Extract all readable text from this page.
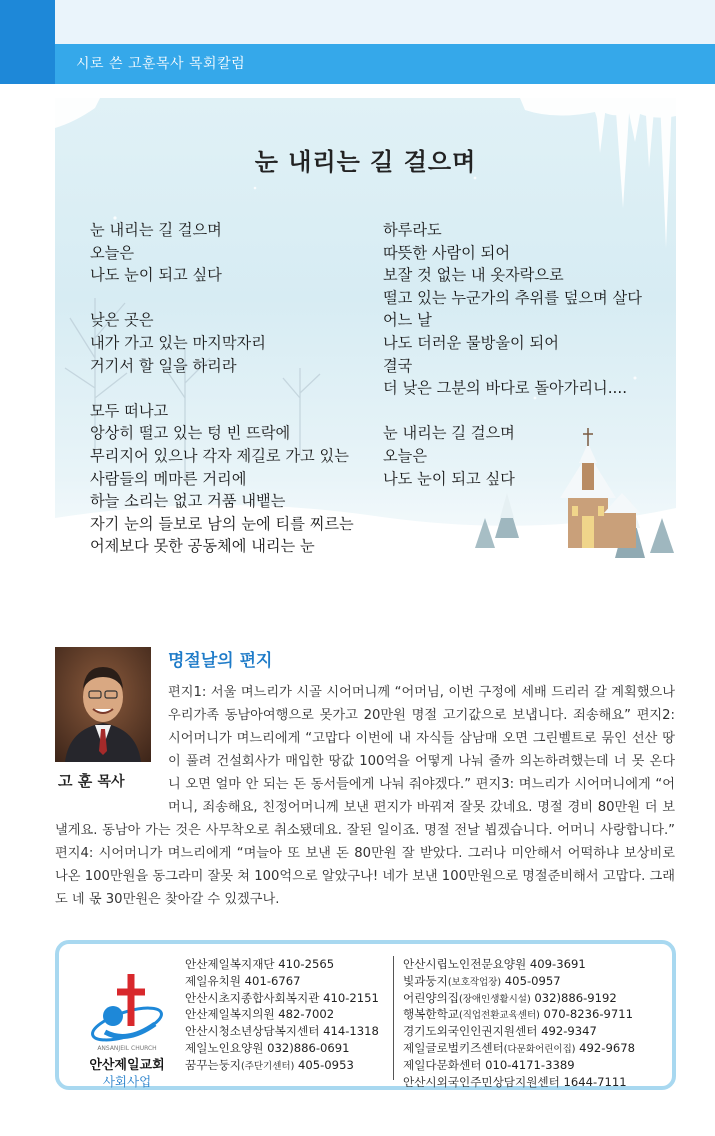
시로 쓴 고훈목사 목회칼럼
눈 내리는 길 걸으며
눈 내리는 길 걸으며
오늘은
나도 눈이 되고 싶다
낮은 곳은
내가 가고 있는 마지막자리
거기서 할 일을 하리라
모두 떠나고
앙상히 떨고 있는 텅 빈 뜨락에
무리지어 있으나 각자 제길로 가고 있는
사람들의 메마른 거리에
하늘 소리는 없고 거품 내뱉는
자기 눈의 들보로 남의 눈에 티를 찌르는
어제보다 못한 공동체에 내리는 눈
하루라도
따뜻한 사람이 되어
보잘 것 없는 내 옷자락으로
떨고 있는 누군가의 추위를 덮으며 살다
어느 날
나도 더러운 물방울이 되어
결국
더 낮은 그분의 바다로 돌아가리니....
눈 내리는 길 걸으며
오늘은
나도 눈이 되고 싶다
고 훈 목사
명절날의 편지
편지1: 서울 며느리가 시골 시어머니께 “어머님, 이번 구정에 세배 드리러 갈 계획했으나 우리가족 동남아여행으로 못가고 20만원 명절 고기값으로 보냅니다. 죄송해요” 편지2: 시어머니가 며느리에게 “고맙다 이번에 내 자식들 삼남매 오면 그린벨트로 묶인 선산 땅이 풀려 건설회사가 매입한 땅값 100억을 어떻게 나눠 줄까 의논하려했는데 너 못 온다니 오면 얼마 안 되는 돈 동서들에게 나눠 줘야겠다.” 편지3: 며느리가 시어머니에게 “어머니, 죄송해요, 친정어머니께 보낸 편지가 바꿔져 잘못 갔네요. 명절 경비 80만원 더 보낼게요. 동남아 가는 것은 사무착오로 취소됐데요. 잘된 일이죠. 명절 전날 뵙겠습니다. 어머니 사랑합니다.” 편지4: 시어머니가 며느리에게 “며늘아 또 보낸 돈 80만원 잘 받았다. 그러나 미안해서 어떡하냐 보상비로 나온 100만원을 동그라미 잘못 쳐 100억으로 알았구나! 네가 보낸 100만원으로 명절준비해서 고맙다. 그래도 네 몫 30만원은 찾아갈 수 있겠구나.
ANSANJEIL CHURCH
안산제일교회
사회사업
안산제일복지재단 410-2565
제일유치원 401-6767
안산시초지종합사회복지관 410-2151
안산제일복지의원 482-7002
안산시청소년상담복지센터 414-1318
제일노인요양원 032)886-0691
꿈꾸는둥지(주단기센터) 405-0953
안산시립노인전문요양원 409-3691
빛과둥지(보호작업장) 405-0957
어린양의집(장애인생활시설) 032)886-9192
행복한학교(직업전환교육센터) 070-8236-9711
경기도외국인인권지원센터 492-9347
제일글로벌키즈센터(다문화어린이집) 492-9678
제일다문화센터 010-4171-3389
안산시외국인주민상담지원센터 1644-7111
